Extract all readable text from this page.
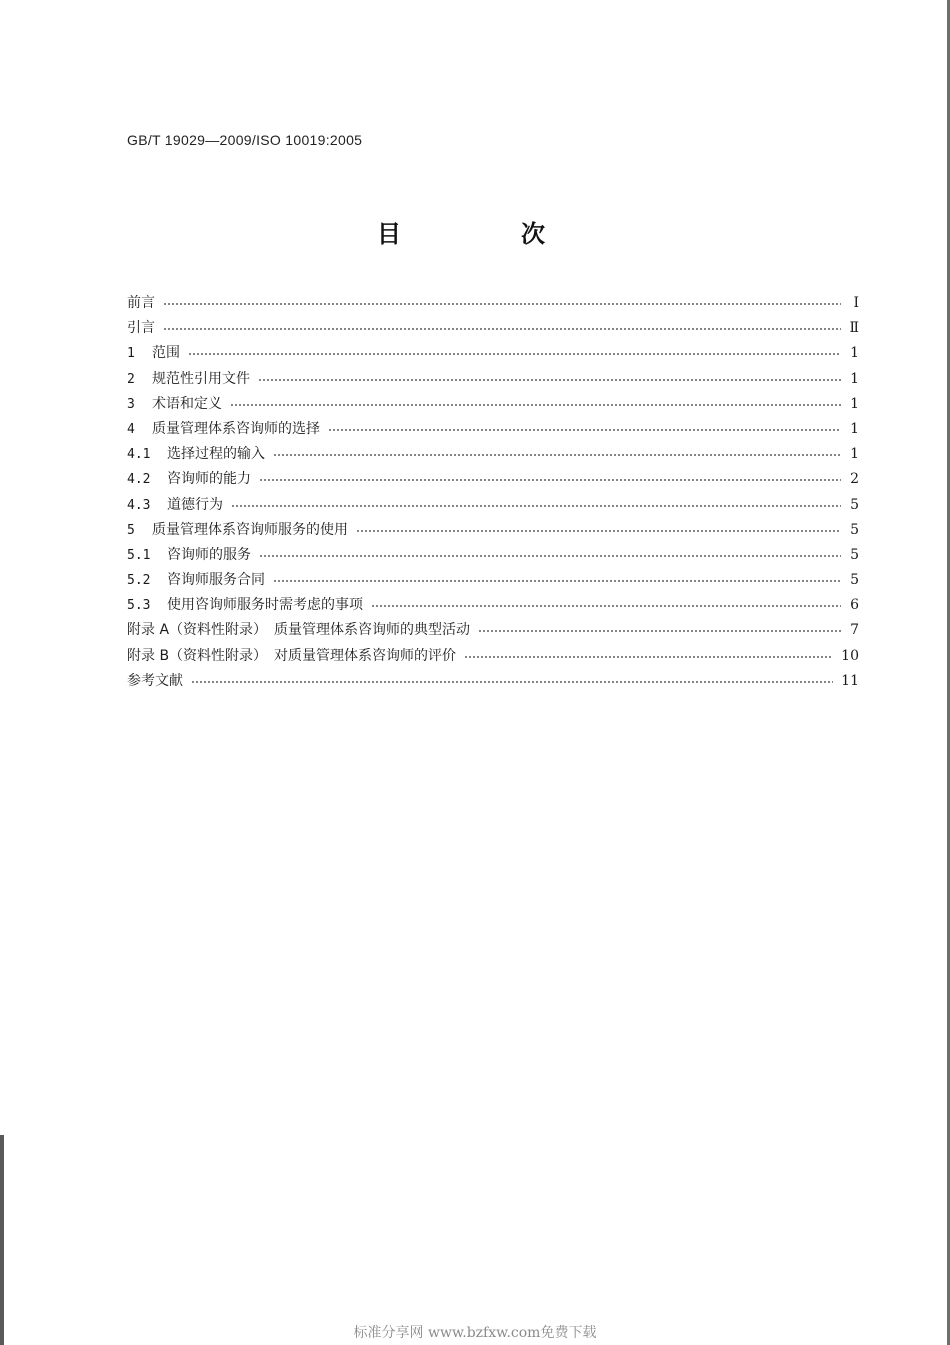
GB/T 19029—2009/ISO 10019:2005
目　次
前言	Ⅰ
引言	Ⅱ
1	范围	1
2	规范性引用文件	1
3	术语和定义	1
4	质量管理体系咨询师的选择	1
4.1	选择过程的输入	1
4.2	咨询师的能力	2
4.3	道德行为	5
5	质量管理体系咨询师服务的使用	5
5.1	咨询师的服务	5
5.2	咨询师服务合同	5
5.3	使用咨询师服务时需考虑的事项	6
附录 A（资料性附录）　质量管理体系咨询师的典型活动	7
附录 B（资料性附录）　对质量管理体系咨询师的评价	10
参考文献	11
标准分享网 www.bzfxw.com免费下载
